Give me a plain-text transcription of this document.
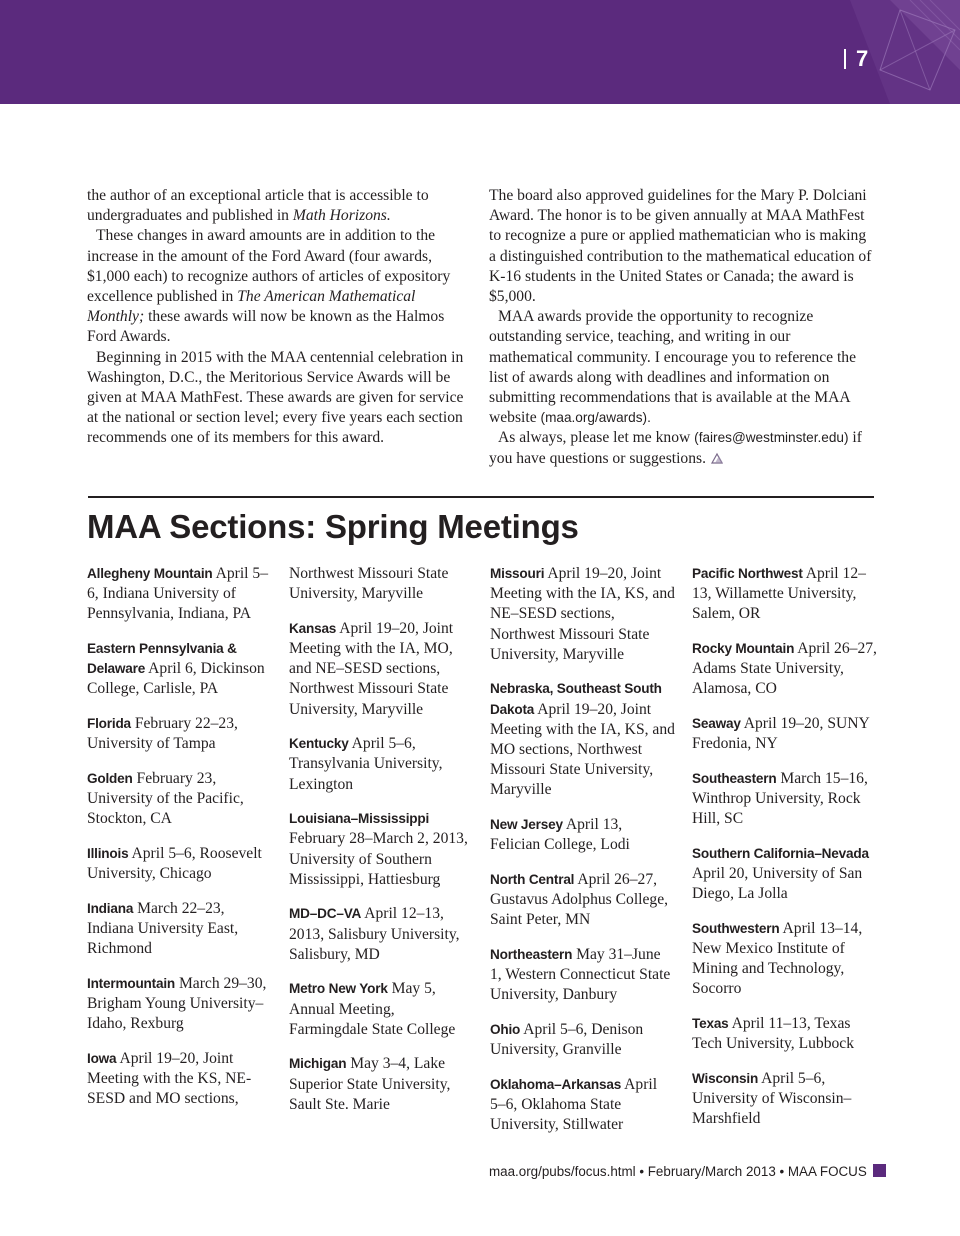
7

the author of an exceptional article that is accessible to undergraduates and published in Math Horizons.

These changes in award amounts are in addition to the increase in the amount of the Ford Award (four awards, $1,000 each) to recognize authors of articles of expository excellence published in The American Mathematical Monthly; these awards will now be known as the Halmos Ford Awards.

Beginning in 2015 with the MAA centennial celebration in Washington, D.C., the Meritorious Service Awards will be given at MAA MathFest. These awards are given for service at the national or section level; every five years each section recommends one of its members for this award.

The board also approved guidelines for the Mary P. Dolciani Award. The honor is to be given annually at MAA MathFest to recognize a pure or applied mathematician who is making a distinguished contribution to the mathematical education of K-16 students in the United States or Canada; the award is $5,000.

MAA awards provide the opportunity to recognize outstanding service, teaching, and writing in our mathematical community. I encourage you to reference the list of awards along with deadlines and information on submitting recommendations that is available at the MAA website (maa.org/awards).

As always, please let me know (faires@westminster.edu) if you have questions or suggestions.

MAA Sections: Spring Meetings
Allegheny Mountain April 5–6, Indiana University of Pennsylvania, Indiana, PA
Eastern Pennsylvania & Delaware April 6, Dickinson College, Carlisle, PA
Florida February 22–23, University of Tampa
Golden February 23, University of the Pacific, Stockton, CA
Illinois April 5–6, Roosevelt University, Chicago
Indiana March 22–23, Indiana University East, Richmond
Intermountain March 29–30, Brigham Young University–Idaho, Rexburg
Iowa April 19–20, Joint Meeting with the KS, NE-SESD and MO sections,
Northwest Missouri State University, Maryville
Kansas April 19–20, Joint Meeting with the IA, MO, and NE–SESD sections, Northwest Missouri State University, Maryville
Kentucky April 5–6, Transylvania University, Lexington
Louisiana–Mississippi February 28–March 2, 2013, University of Southern Mississippi, Hattiesburg
MD–DC–VA April 12–13, 2013, Salisbury University, Salisbury, MD
Metro New York May 5, Annual Meeting, Farmingdale State College
Michigan May 3–4, Lake Superior State University, Sault Ste. Marie
Missouri April 19–20, Joint Meeting with the IA, KS, and NE–SESD sections, Northwest Missouri State University, Maryville
Nebraska, Southeast South Dakota April 19–20, Joint Meeting with the IA, KS, and MO sections, Northwest Missouri State University, Maryville
New Jersey April 13, Felician College, Lodi
North Central April 26–27, Gustavus Adolphus College, Saint Peter, MN
Northeastern May 31–June 1, Western Connecticut State University, Danbury
Ohio April 5–6, Denison University, Granville
Oklahoma–Arkansas April 5–6, Oklahoma State University, Stillwater
Pacific Northwest April 12–13, Willamette University, Salem, OR
Rocky Mountain April 26–27, Adams State University, Alamosa, CO
Seaway April 19–20, SUNY Fredonia, NY
Southeastern March 15–16, Winthrop University, Rock Hill, SC
Southern California–Nevada April 20, University of San Diego, La Jolla
Southwestern April 13–14, New Mexico Institute of Mining and Technology, Socorro
Texas April 11–13, Texas Tech University, Lubbock
Wisconsin April 5–6, University of Wisconsin–Marshfield
maa.org/pubs/focus.html • February/March 2013 • MAA FOCUS
